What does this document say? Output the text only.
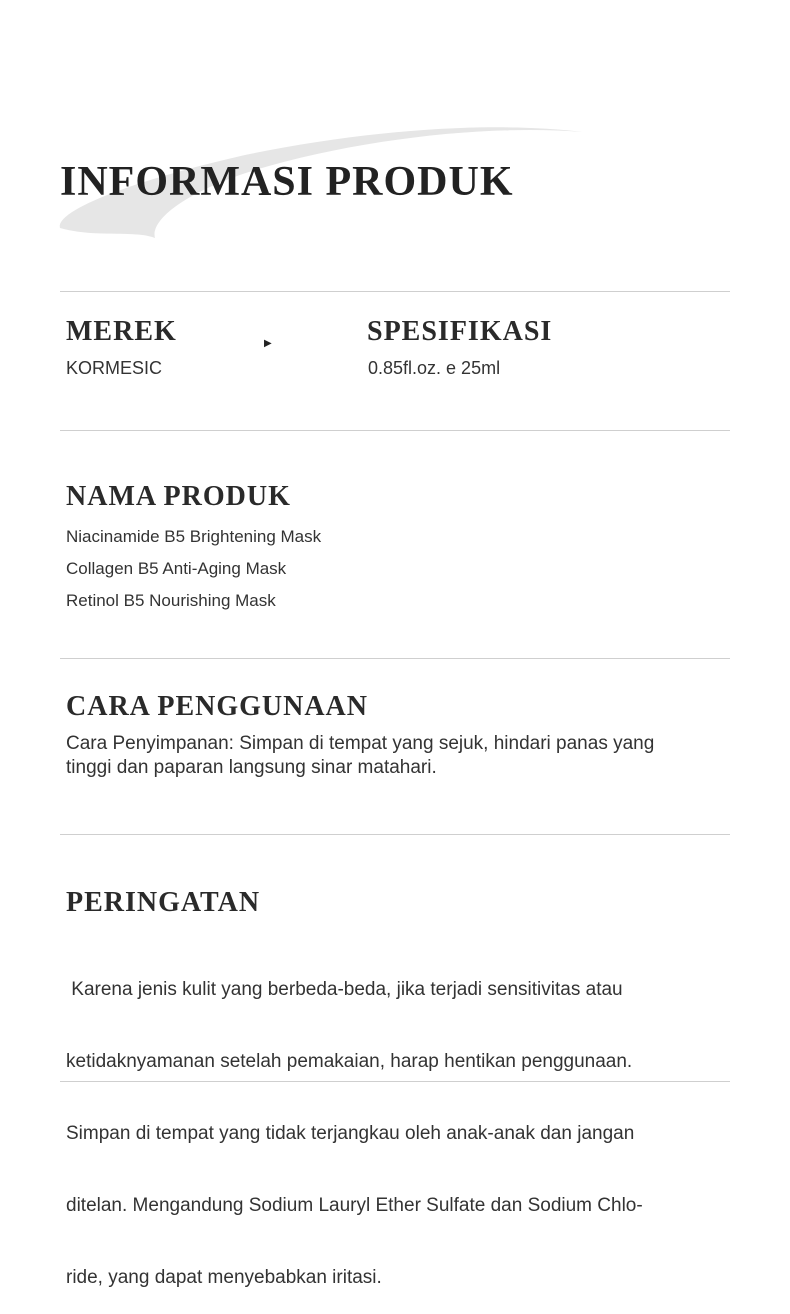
INFORMASI PRODUK
MEREK

KORMESIC

▶	SPESIFIKASI

0.85fl.oz. e 25ml

NAMA PRODUK
Niacinamide B5 Brightening Mask
Collagen B5 Anti-Aging Mask
Retinol B5 Nourishing Mask
CARA PENGGUNAAN
Cara Penyimpanan: Simpan di tempat yang sejuk, hindari panas yang
tinggi dan paparan langsung sinar matahari.
PERINGATAN

Karena jenis kulit yang berbeda-beda, jika terjadi sensitivitas atau

ketidaknyamanan setelah pemakaian, harap hentikan penggunaan.

Simpan di tempat yang tidak terjangkau oleh anak-anak dan jangan

ditelan. Mengandung Sodium Lauryl Ether Sulfate dan Sodium Chlo-

ride, yang dapat menyebabkan iritasi.
